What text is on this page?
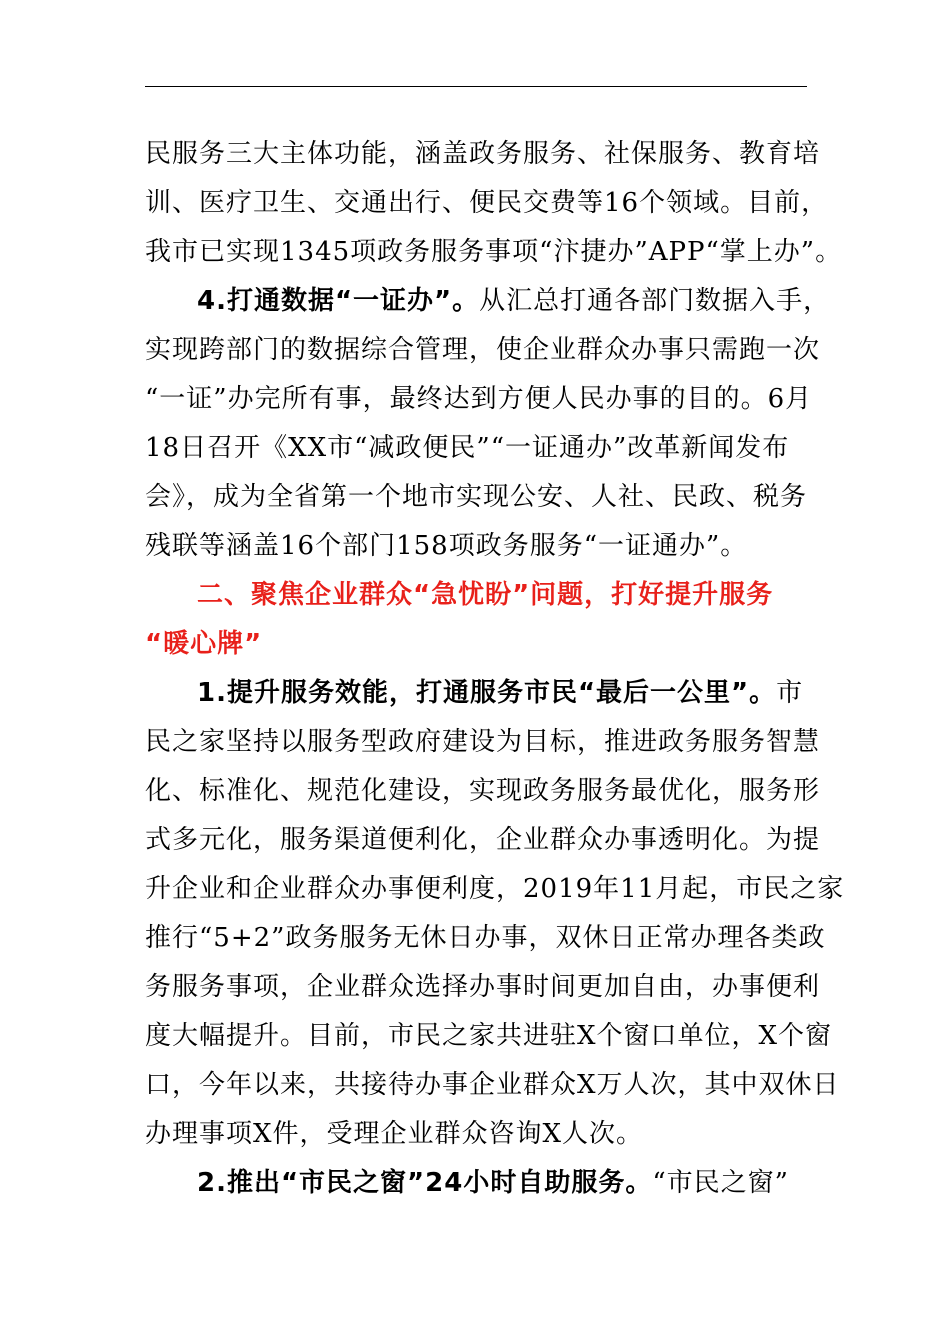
民服务三大主体功能，涵盖政务服务、社保服务、教育培
训、医疗卫生、交通出行、便民交费等16个领域。目前，
我市已实现1345项政务服务事项“汴捷办”APP“掌上办”。
4.打通数据“一证办”。从汇总打通各部门数据入手，
实现跨部门的数据综合管理，使企业群众办事只需跑一次
“一证”办完所有事，最终达到方便人民办事的目的。6月
18日召开《XX市“减政便民”“一证通办”改革新闻发布
会》，成为全省第一个地市实现公安、人社、民政、税务
残联等涵盖16个部门158项政务服务“一证通办”。
二、聚焦企业群众“急忧盼”问题，打好提升服务
“暖心牌”
1.提升服务效能，打通服务市民“最后一公里”。市
民之家坚持以服务型政府建设为目标，推进政务服务智慧
化、标准化、规范化建设，实现政务服务最优化，服务形
式多元化，服务渠道便利化，企业群众办事透明化。为提
升企业和企业群众办事便利度，2019年11月起，市民之家
推行“5+2”政务服务无休日办事，双休日正常办理各类政
务服务事项，企业群众选择办事时间更加自由，办事便利
度大幅提升。目前，市民之家共进驻X个窗口单位，X个窗
口，今年以来，共接待办事企业群众X万人次，其中双休日
办理事项X件，受理企业群众咨询X人次。
2.推出“市民之窗”24小时自助服务。“市民之窗”
